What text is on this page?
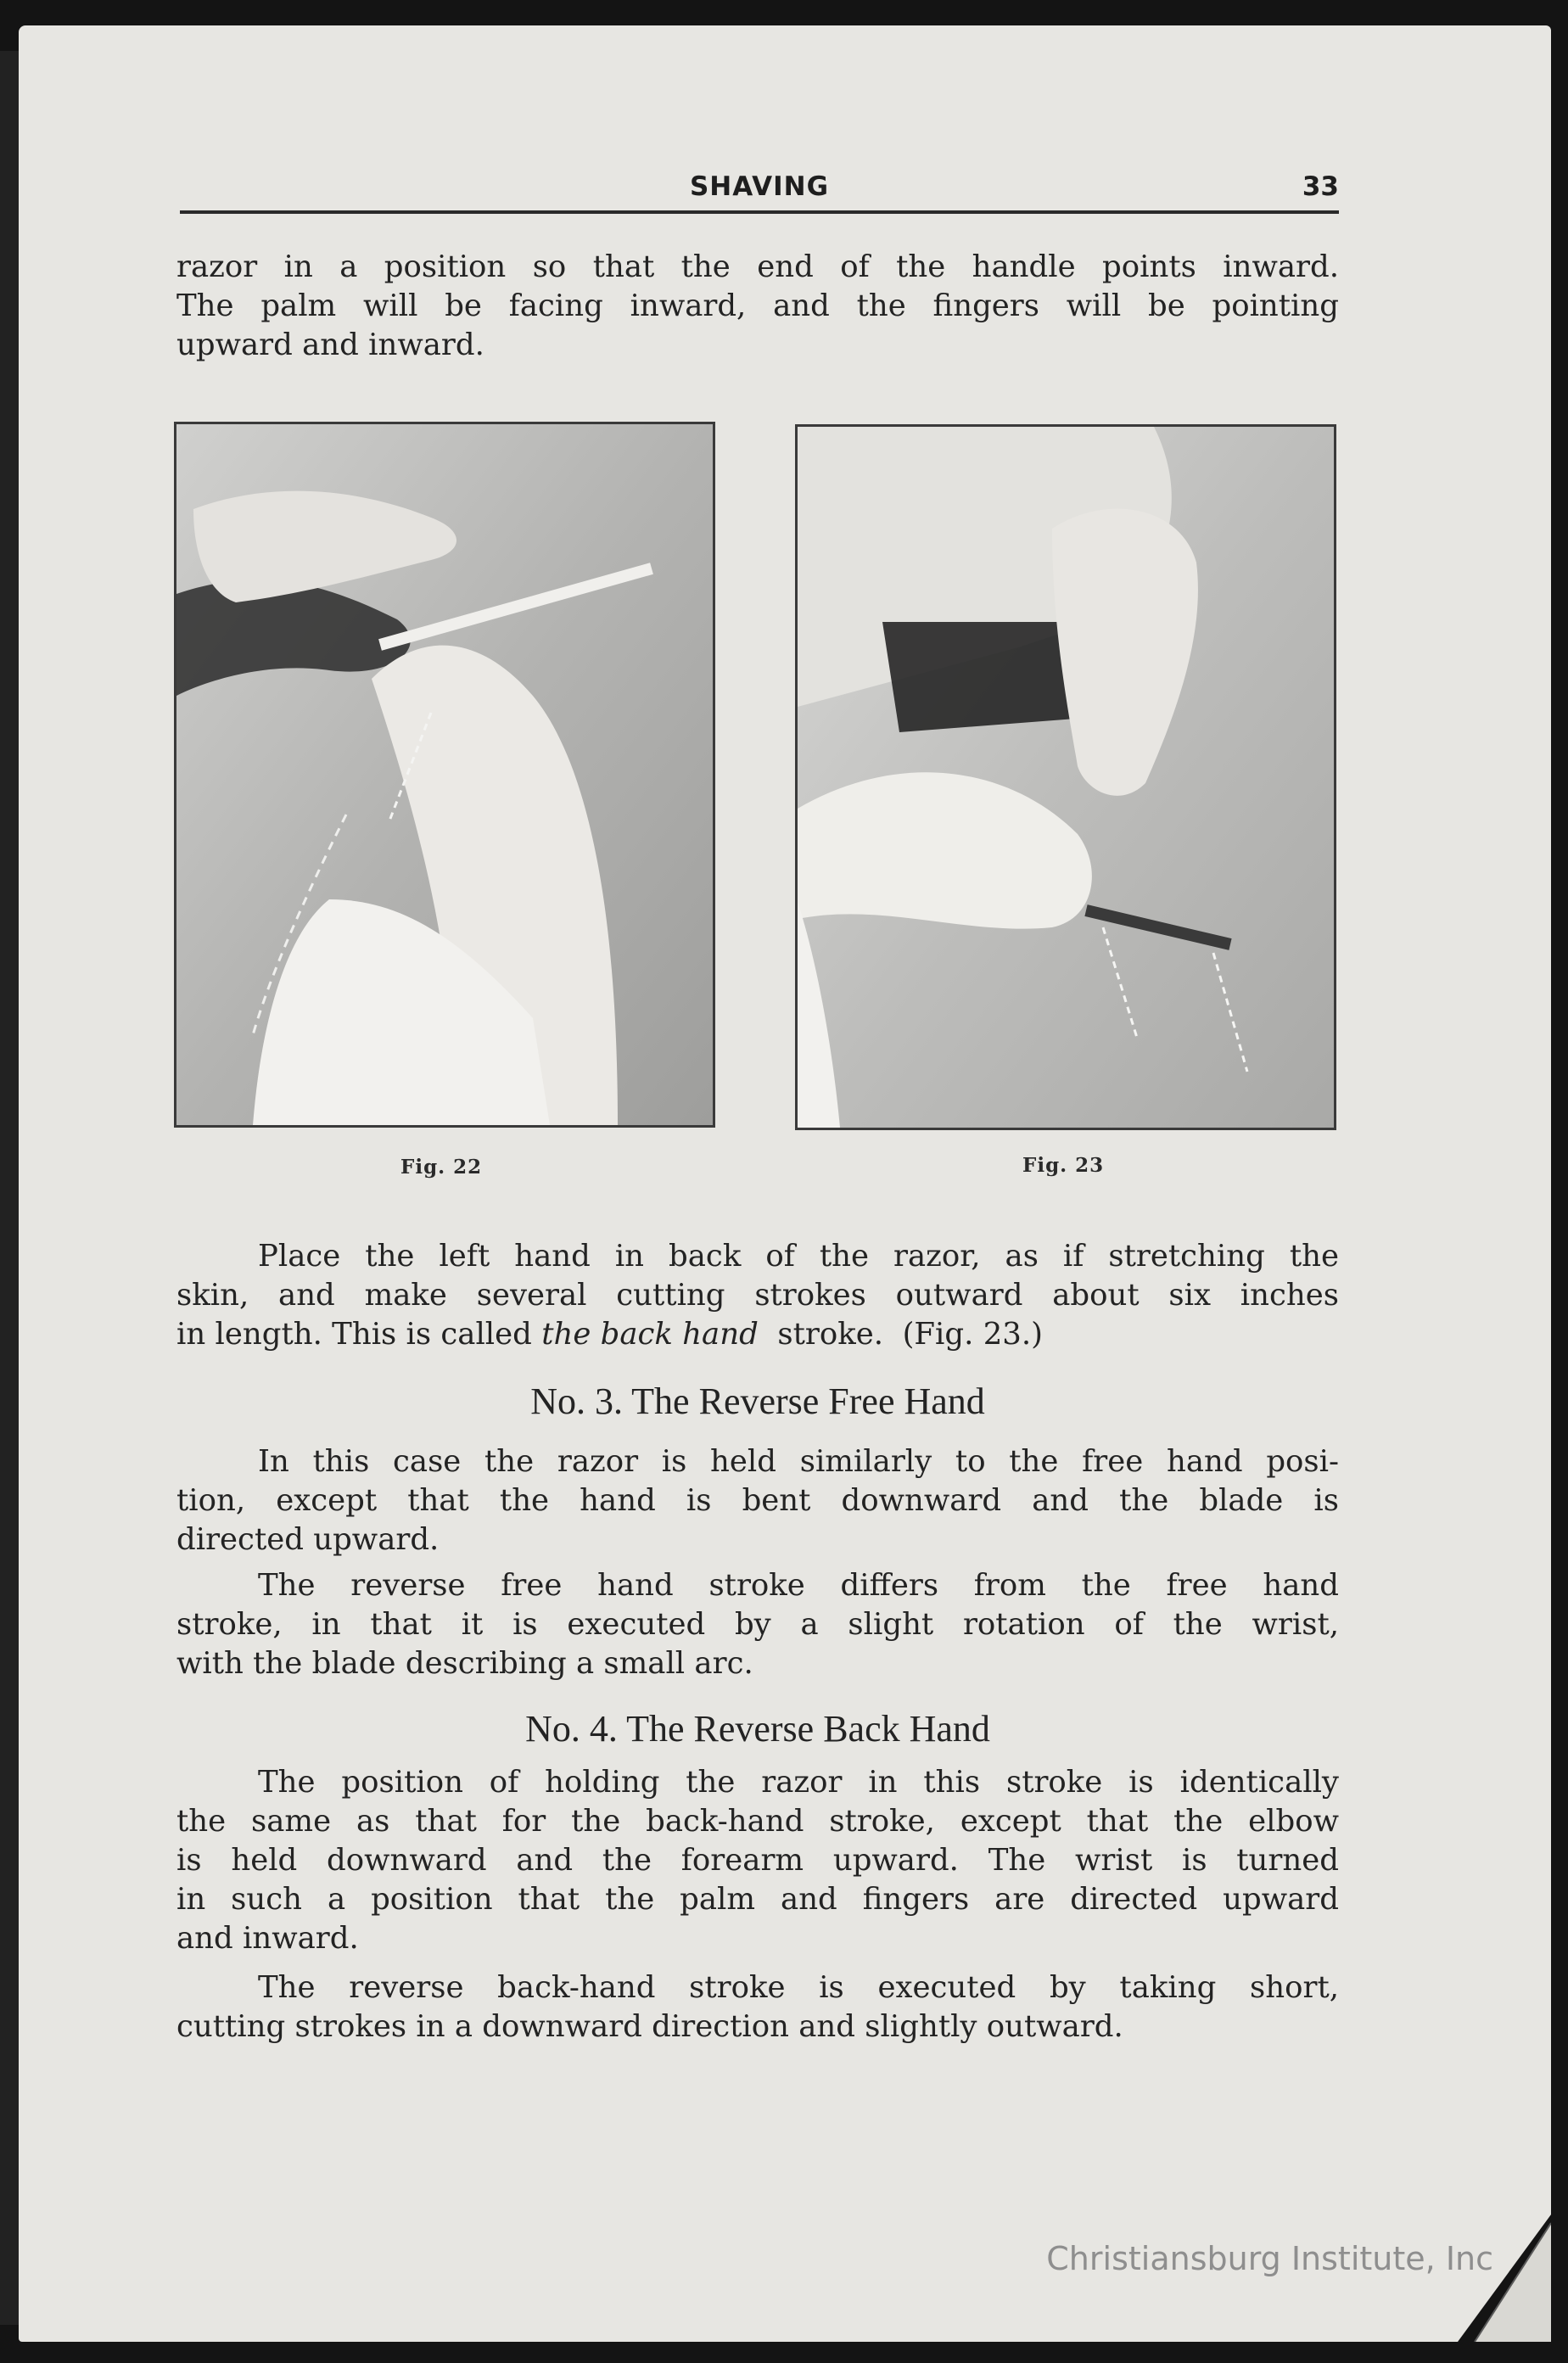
SHAVING	33
razor in a position so that the end of the handle points inward.
The palm will be facing inward, and the fingers will be pointing
upward and inward.
Fig. 22	Fig. 23
Place the left hand in back of the razor, as if stretching the
skin, and make several cutting strokes outward about six inches
in length. This is called the back hand  stroke.  (Fig. 23.)
No. 3. The Reverse Free Hand
In this case the razor is held similarly to the free hand posi-
tion, except that the hand is bent downward and the blade is
directed upward.
The reverse free hand stroke differs from the free hand
stroke, in that it is executed by a slight rotation of the wrist,
with the blade describing a small arc.
No. 4. The Reverse Back Hand
The position of holding the razor in this stroke is identically
the same as that for the back-hand stroke, except that the elbow
is held downward and the forearm upward. The wrist is turned
in such a position that the palm and fingers are directed upward
and inward.
The reverse back-hand stroke is executed by taking short,
cutting strokes in a downward direction and slightly outward.
Christiansburg Institute, Inc
